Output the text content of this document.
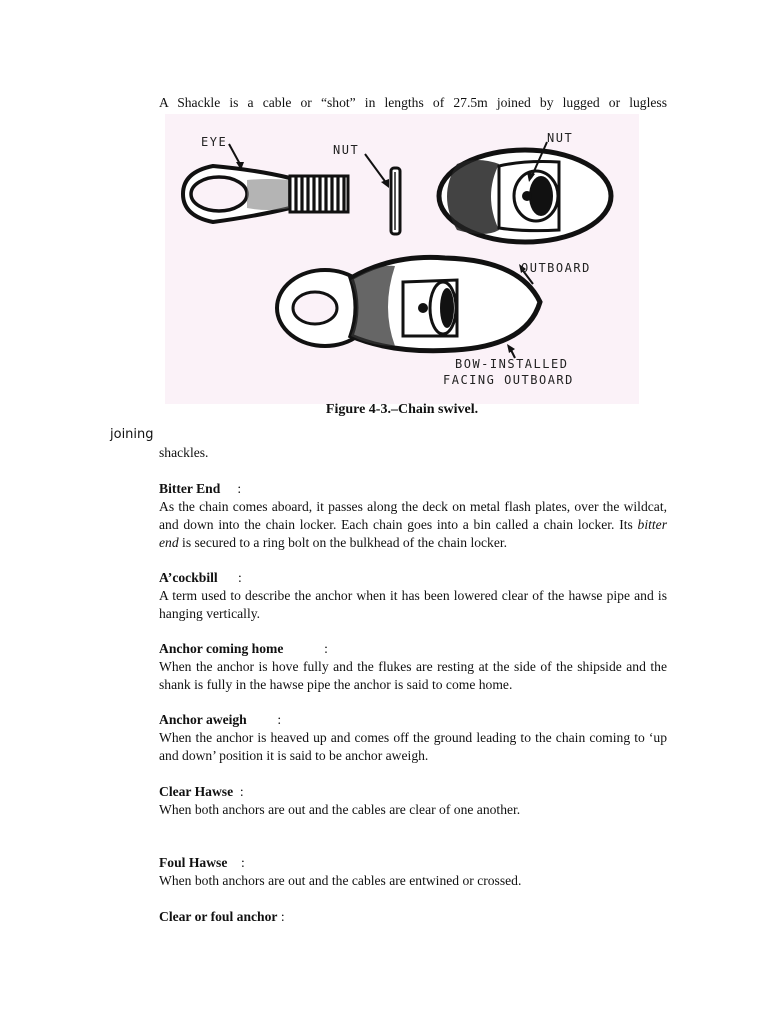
A Shackle is a cable or “shot” in lengths of 27.5m joined by lugged or lugless
EYE
NUT
NUT
OUTBOARD
BOW-INSTALLED
FACING OUTBOARD
Figure 4-3.–Chain swivel.
joining
shackles.
Bitter End :
As the chain comes aboard, it passes along the deck on metal flash plates, over the wildcat, and down into the chain locker. Each chain goes into a bin called a chain locker. Its bitter end is secured to a ring bolt on the bulkhead of the chain locker.
A’cockbill :
A term used to describe the anchor when it has been lowered clear of the hawse pipe and is hanging vertically.
Anchor coming home	:
When the anchor is hove fully and the flukes are resting at the side of the shipside and the shank is fully in the hawse pipe the anchor is said to come home.
Anchor aweigh :
When the anchor is heaved up and comes off the ground leading to the chain coming to ‘up and down’ position it is said to be anchor aweigh.
Clear Hawse :
When both anchors are out and the cables are clear of one another.
Foul Hawse :
When both anchors are out and the cables are entwined or crossed.
Clear or foul anchor :
